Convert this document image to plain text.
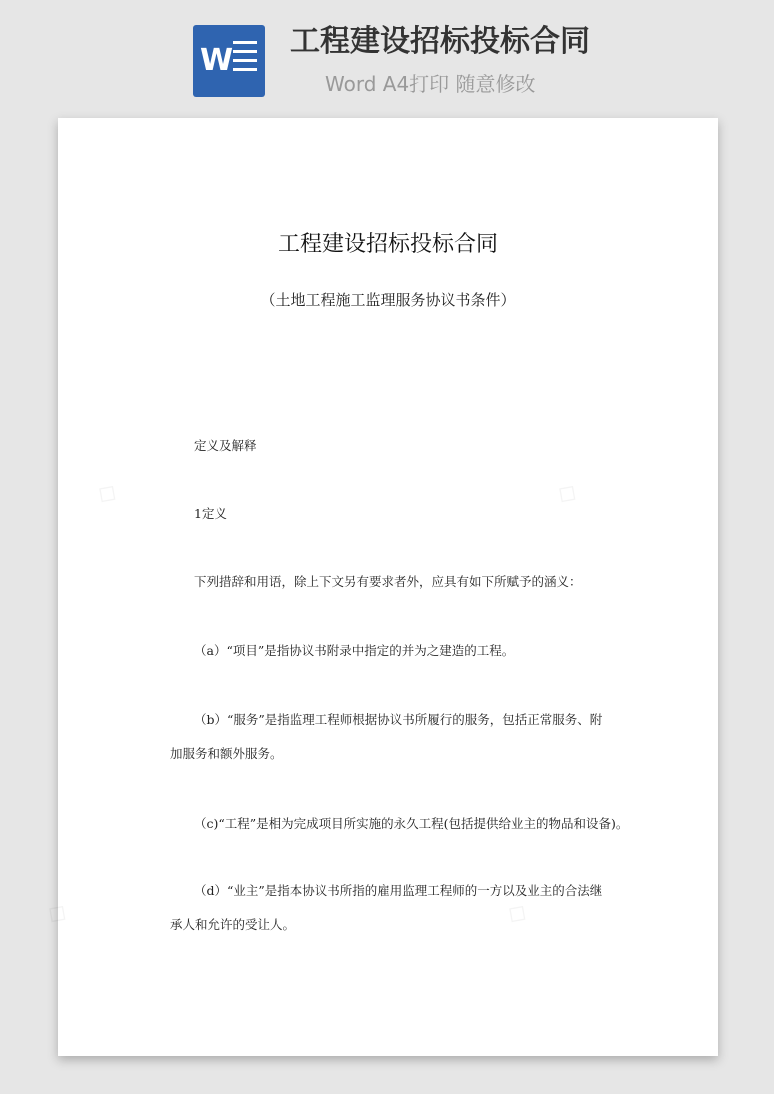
W
工程建设招标投标合同
Word A4打印 随意修改
工程建设招标投标合同
（土地工程施工监理服务协议书条件）
定义及解释
1定义
下列措辞和用语，除上下文另有要求者外，应具有如下所赋予的涵义：
（a）“项目”是指协议书附录中指定的并为之建造的工程。
（b）“服务”是指监理工程师根据协议书所履行的服务，包括正常服务、附加服务和额外服务。
（c)“工程”是相为完成项目所实施的永久工程(包括提供给业主的物品和设备)。
（d）“业主”是指本协议书所指的雇用监理工程师的一方以及业主的合法继承人和允许的受让人。
